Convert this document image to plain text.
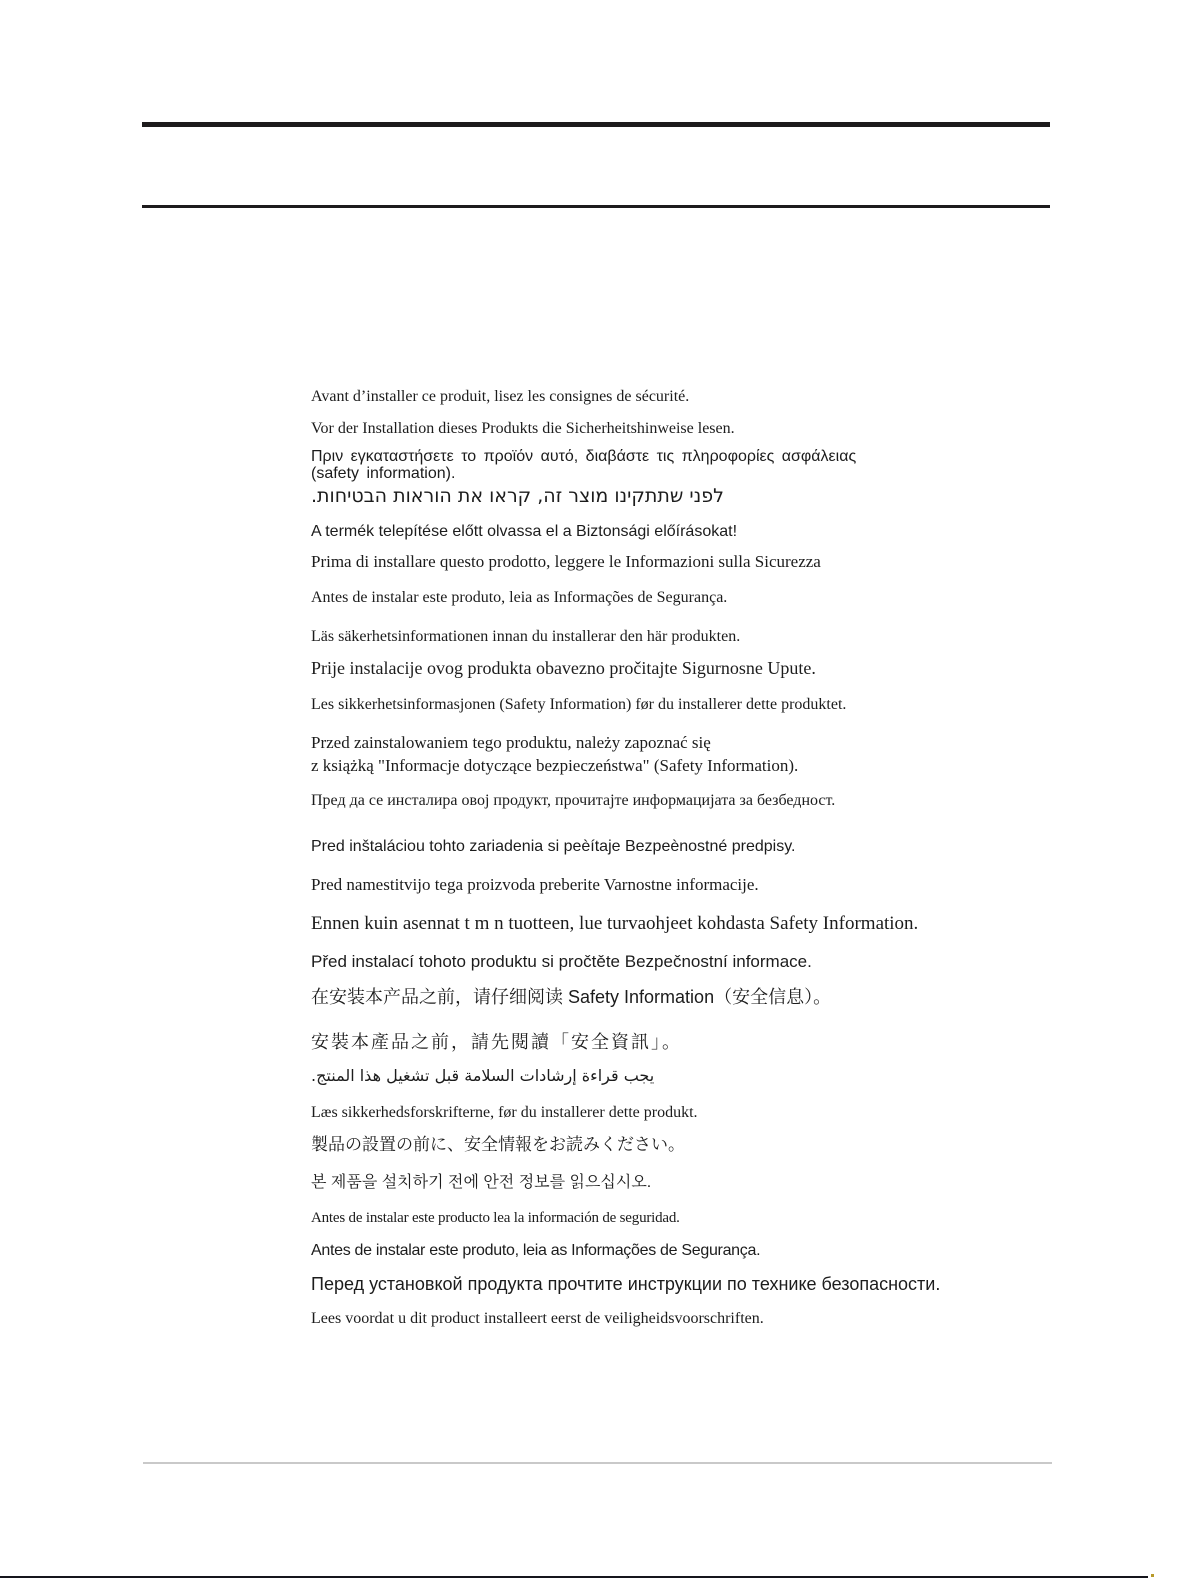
Avant d’installer ce produit, lisez les consignes de sécurité.
Vor der Installation dieses Produkts die Sicherheitshinweise lesen.
Πριν εγκαταστήσετε το προϊόν αυτό, διαβάστε τις πληροφορίες ασφάλειας
(safety information).
לפני שתתקינו מוצר זה, קראו את הוראות הבטיחות.
A termék telepítése előtt olvassa el a Biztonsági előírásokat!
Prima di installare questo prodotto, leggere le Informazioni sulla Sicurezza
Antes de instalar este produto, leia as Informações de Segurança.
Läs säkerhetsinformationen innan du installerar den här produkten.
Prije instalacije ovog produkta obavezno pročitajte Sigurnosne Upute.
Les sikkerhetsinformasjonen (Safety Information) før du installerer dette produktet.
Przed zainstalowaniem tego produktu, należy zapoznać się
z książką "Informacje dotyczące bezpieczeństwa" (Safety Information).
Пред да се инсталира овој продукт, прочитајте информацијата за безбедност.
Pred inštaláciou tohto zariadenia si peèítaje Bezpeènostné predpisy.
Pred namestitvijo tega proizvoda preberite Varnostne informacije.
Ennen kuin asennat t m n tuotteen, lue turvaohjeet kohdasta Safety Information.
Před instalací tohoto produktu si pročtěte Bezpečnostní informace.
在安装本产品之前，请仔细阅读 Safety Information（安全信息）。
安裝本產品之前，請先閱讀「安全資訊」。
يجب قراءة إرشادات السلامة قبل تشغيل هذا المنتج.
Læs sikkerhedsforskrifterne, før du installerer dette produkt.
製品の設置の前に、安全情報をお読みください。
본 제품을 설치하기 전에 안전 정보를 읽으십시오.
Antes de instalar este producto lea la información de seguridad.
Antes de instalar este produto, leia as Informações de Segurança.
Перед установкой продукта прочтите инструкции по технике безопасности.
Lees voordat u dit product installeert eerst de veiligheidsvoorschriften.
